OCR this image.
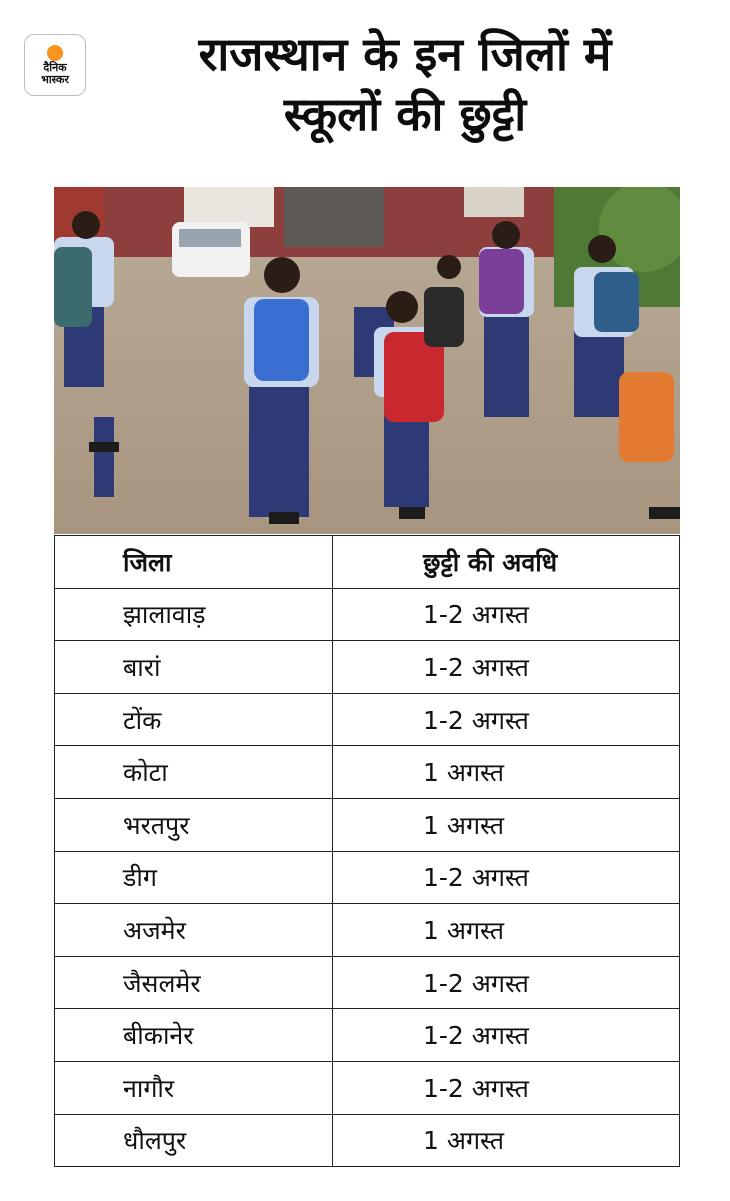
दैनिक
भास्कर	राजस्थान के इन जिलों में
स्कूलों की छुट्टी
जिला	छुट्टी की अवधि
झालावाड़	1-2 अगस्त
बारां	1-2 अगस्त
टोंक	1-2 अगस्त
कोटा	1 अगस्त
भरतपुर	1 अगस्त
डीग	1-2 अगस्त
अजमेर	1 अगस्त
जैसलमेर	1-2 अगस्त
बीकानेर	1-2 अगस्त
नागौर	1-2 अगस्त
धौलपुर	1 अगस्त
